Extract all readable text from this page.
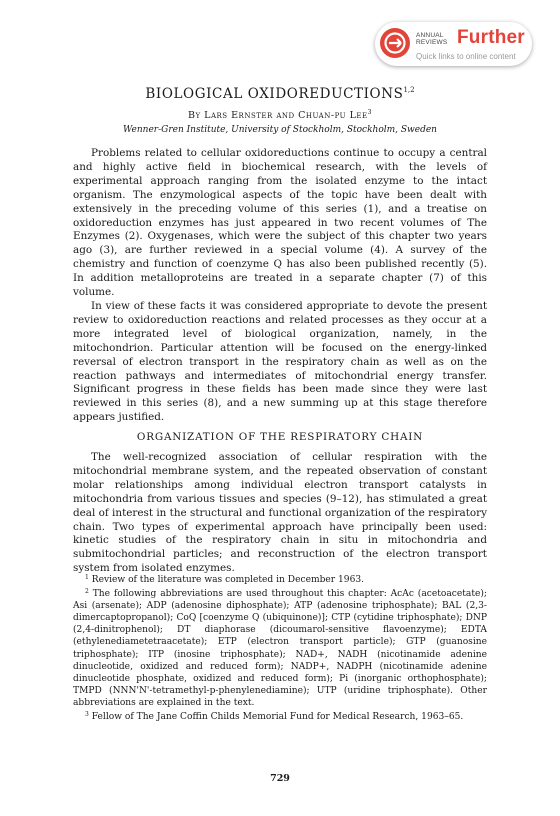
ANNUAL
REVIEWS Further
Quick links to online content
BIOLOGICAL OXIDOREDUCTIONS$^{1,2}$
By Lars Ernster and Chuan-pu Lee$^3$
Wenner-Gren Institute, University of Stockholm, Stockholm, Sweden

Problems related to cellular oxidoreductions continue to occupy a central and highly active field in biochemical research, with the levels of experimental approach ranging from the isolated enzyme to the intact organism. The enzymological aspects of the topic have been dealt with extensively in the preceding volume of this series (1), and a treatise on oxidoreduction enzymes has just appeared in two recent volumes of The Enzymes (2). Oxygenases, which were the subject of this chapter two years ago (3), are further reviewed in a special volume (4). A survey of the chemistry and function of coenzyme Q has also been published recently (5). In addition metalloproteins are treated in a separate chapter (7) of this volume.

In view of these facts it was considered appropriate to devote the present review to oxidoreduction reactions and related processes as they occur at a more integrated level of biological organization, namely, in the mitochondrion. Particular attention will be focused on the energy-linked reversal of electron transport in the respiratory chain as well as on the reaction pathways and intermediates of mitochondrial energy transfer. Significant progress in these fields has been made since they were last reviewed in this series (8), and a new summing up at this stage therefore appears justified.

ORGANIZATION OF THE RESPIRATORY CHAIN

The well-recognized association of cellular respiration with the mitochondrial membrane system, and the repeated observation of constant molar relationships among individual electron transport catalysts in mitochondria from various tissues and species (9–12), has stimulated a great deal of interest in the structural and functional organization of the respiratory chain. Two types of experimental approach have principally been used: kinetic studies of the respiratory chain in situ in mitochondria and submitochondrial particles; and reconstruction of the electron transport system from isolated enzymes.

$^1$ Review of the literature was completed in December 1963.

$^2$ The following abbreviations are used throughout this chapter: AcAc (acetoacetate); Asi (arsenate); ADP (adenosine diphosphate); ATP (adenosine triphosphate); BAL (2,3-dimercaptopropanol); CoQ [coenzyme Q (ubiquinone)]; CTP (cytidine triphosphate); DNP (2,4-dinitrophenol); DT diaphorase (dicoumarol-sensitive flavoenzyme); EDTA (ethylenediametetraacetate); ETP (electron transport particle); GTP (guanosine triphosphate); ITP (inosine triphosphate); NAD+, NADH (nicotinamide adenine dinucleotide, oxidized and reduced form); NADP+, NADPH (nicotinamide adenine dinucleotide phosphate, oxidized and reduced form); Pi (inorganic orthophosphate); TMPD (NNN'N'-tetramethyl-p-phenylenediamine); UTP (uridine triphosphate). Other abbreviations are explained in the text.

$^3$ Fellow of The Jane Coffin Childs Memorial Fund for Medical Research, 1963–65.

729
